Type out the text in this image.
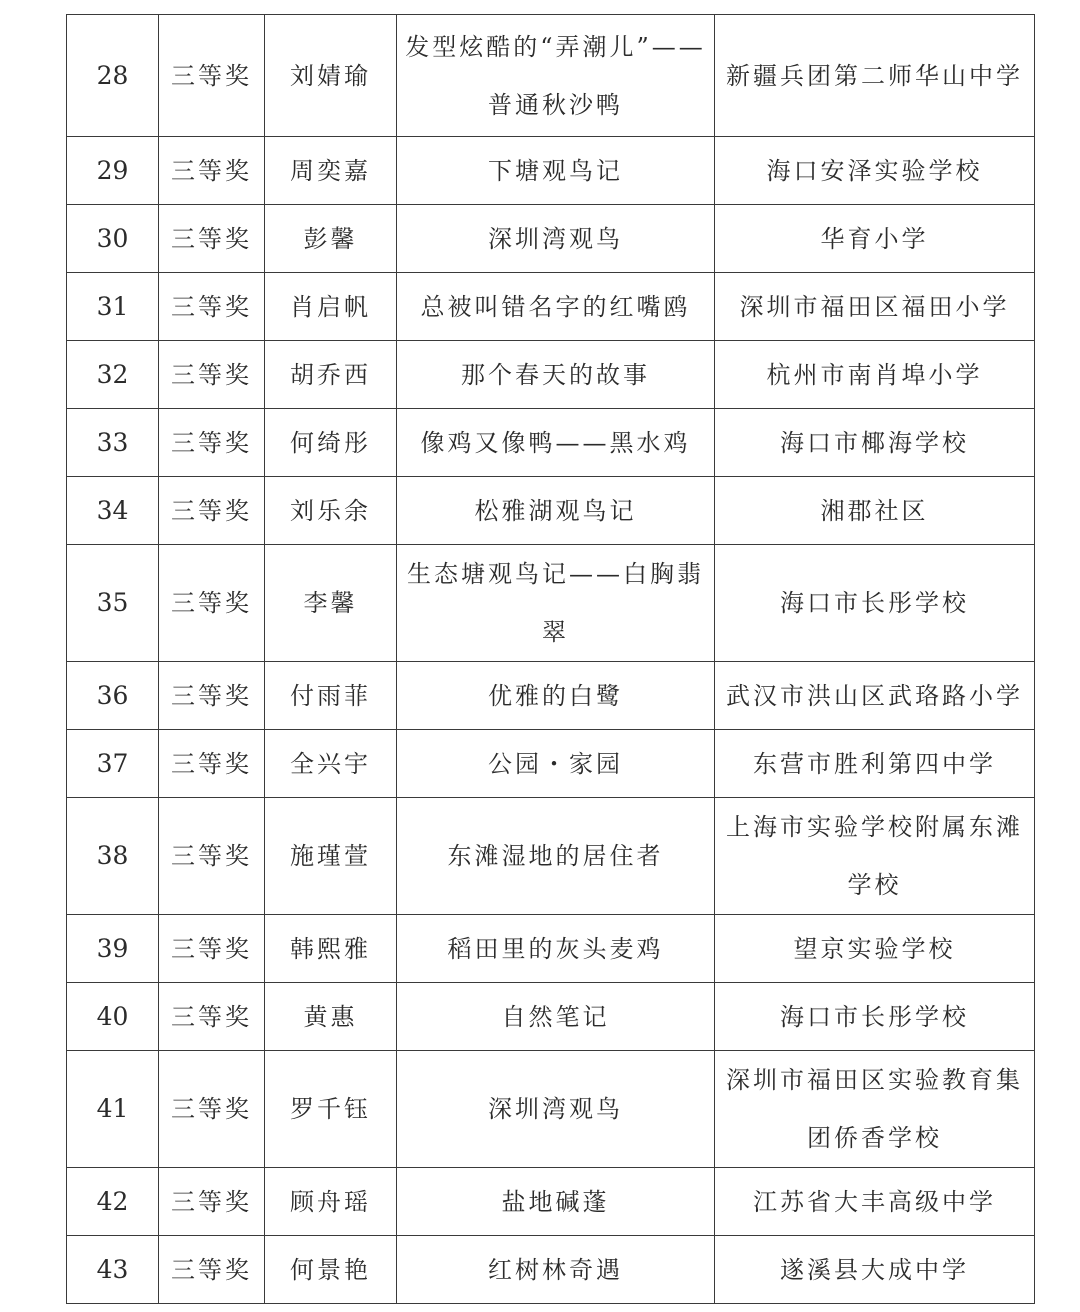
28	三等奖	刘婧瑜	发型炫酷的“弄潮儿”——普通秋沙鸭	新疆兵团第二师华山中学
29	三等奖	周奕嘉	下塘观鸟记	海口安泽实验学校
30	三等奖	彭馨	深圳湾观鸟	华育小学
31	三等奖	肖启帆	总被叫错名字的红嘴鸥	深圳市福田区福田小学
32	三等奖	胡乔西	那个春天的故事	杭州市南肖埠小学
33	三等奖	何绮彤	像鸡又像鸭——黑水鸡	海口市椰海学校
34	三等奖	刘乐余	松雅湖观鸟记	湘郡社区
35	三等奖	李馨	生态塘观鸟记——白胸翡翠	海口市长彤学校
36	三等奖	付雨菲	优雅的白鹭	武汉市洪山区武珞路小学
37	三等奖	全兴宇	公园・家园	东营市胜利第四中学
38	三等奖	施瑾萱	东滩湿地的居住者	上海市实验学校附属东滩学校
39	三等奖	韩熙雅	稻田里的灰头麦鸡	望京实验学校
40	三等奖	黄惠	自然笔记	海口市长彤学校
41	三等奖	罗千钰	深圳湾观鸟	深圳市福田区实验教育集团侨香学校
42	三等奖	顾舟瑶	盐地碱蓬	江苏省大丰高级中学
43	三等奖	何景艳	红树林奇遇	遂溪县大成中学
